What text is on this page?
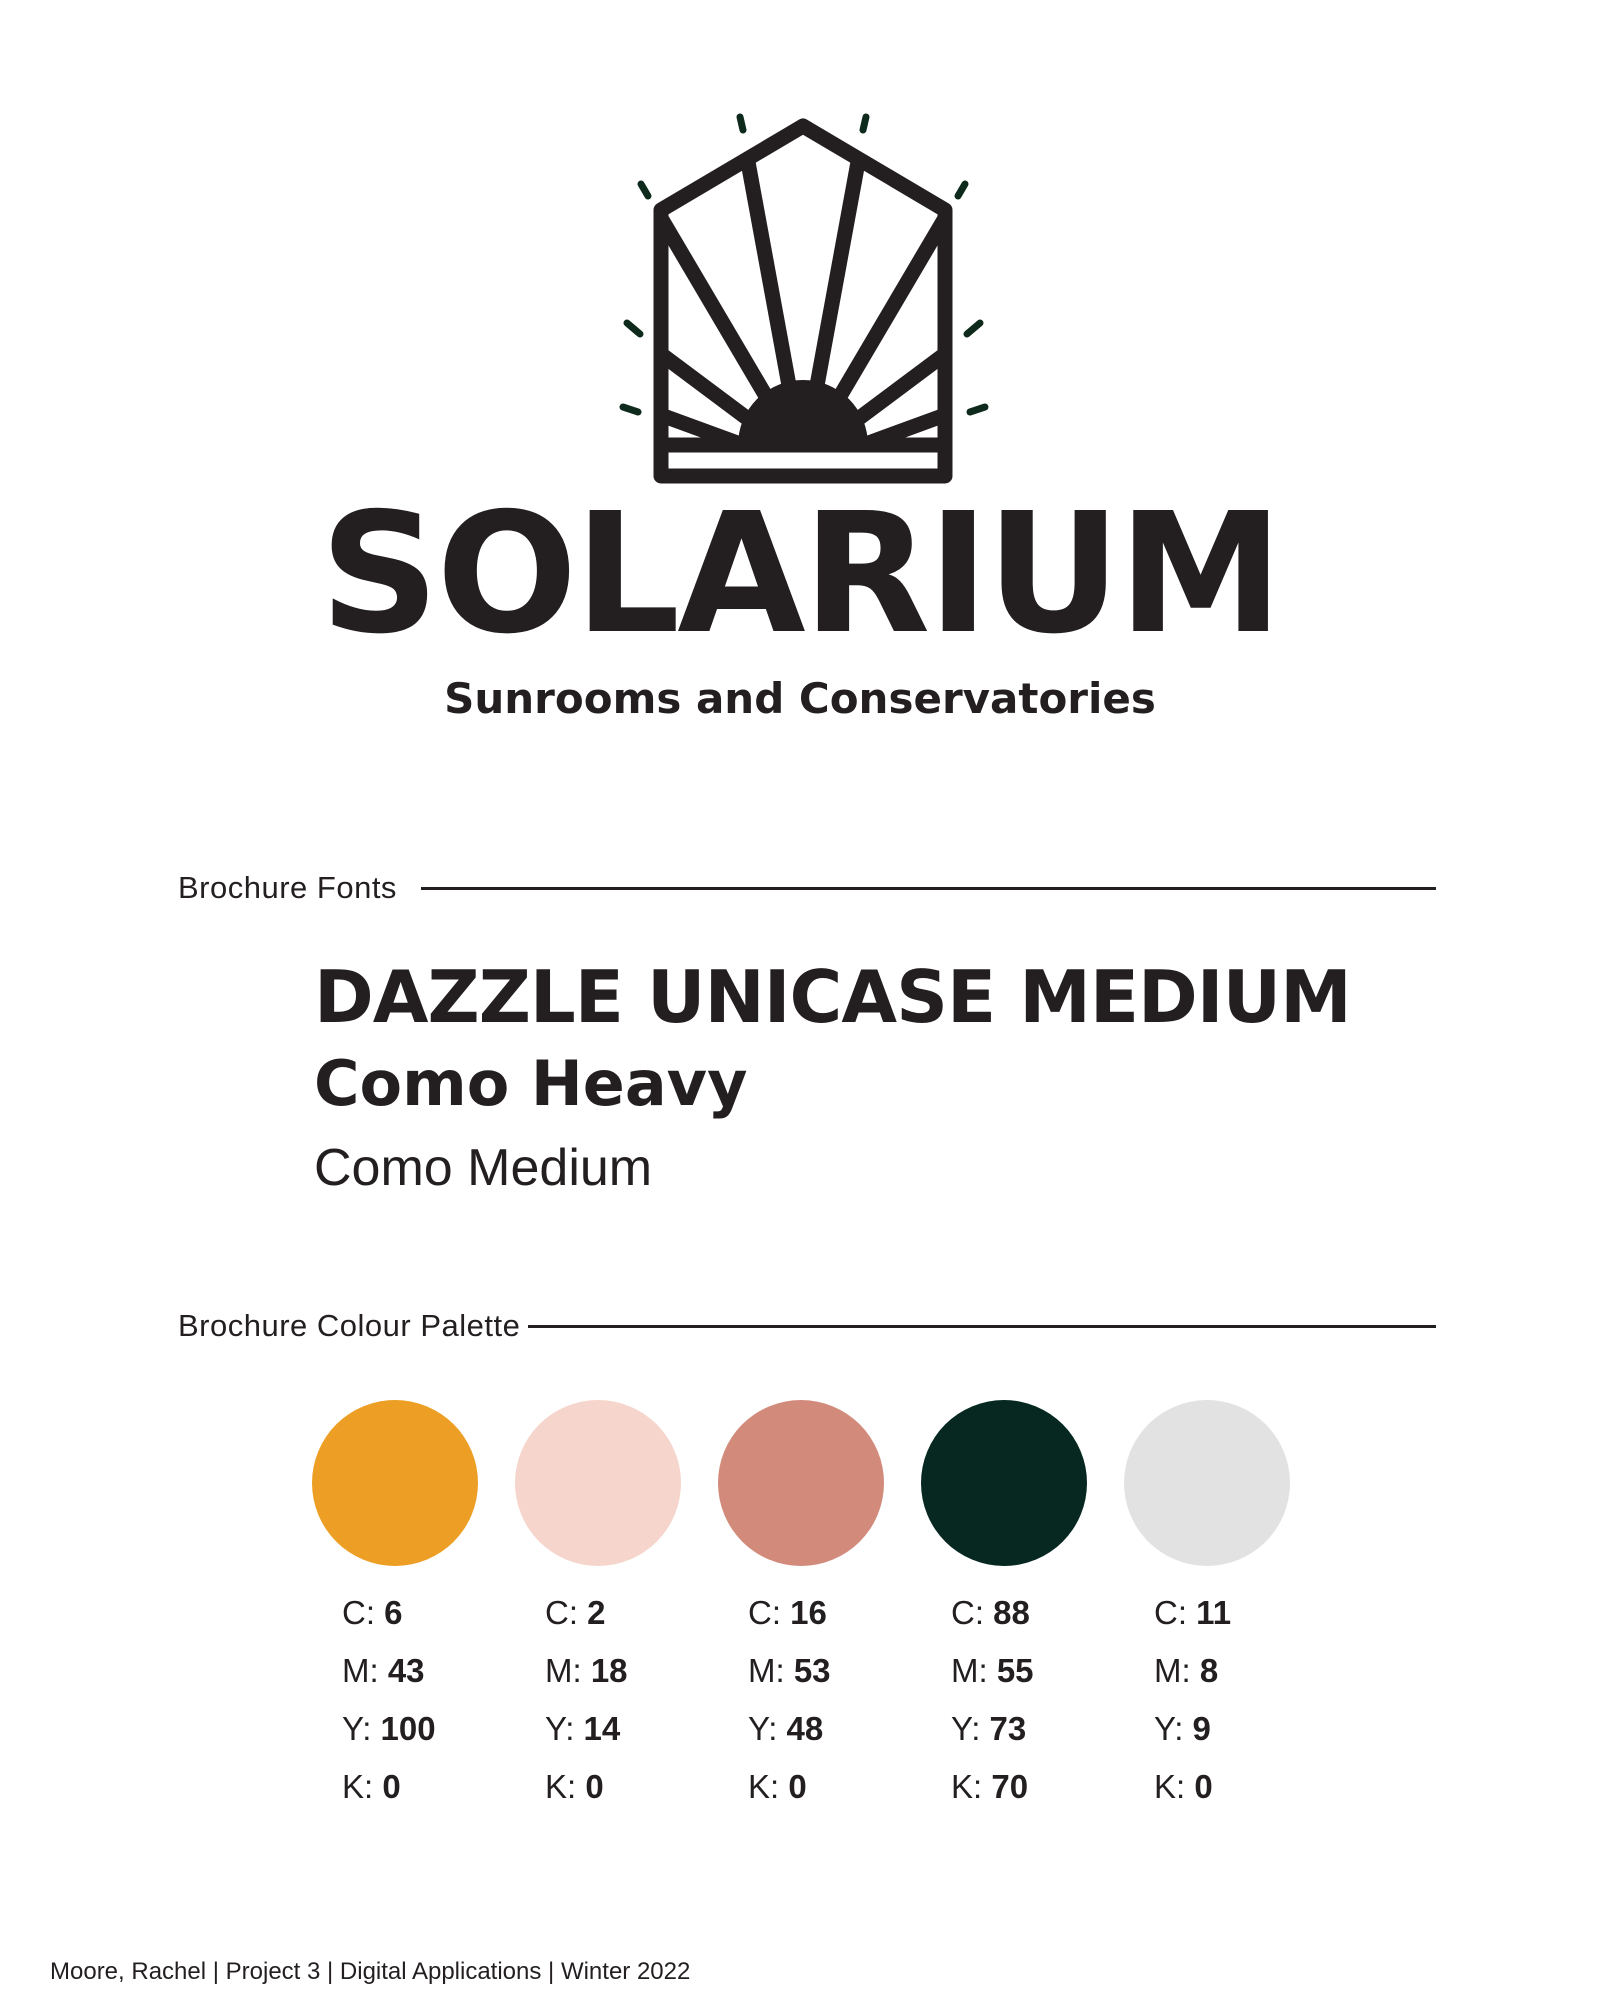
SOLARIUM
Sunrooms and Conservatories
Brochure Fonts
DAZZLE UNICASE MEDIUM
Como Heavy
Como Medium
Brochure Colour Palette
C: 6
M: 43
Y: 100
K: 0
C: 2
M: 18
Y: 14
K: 0
C: 16
M: 53
Y: 48
K: 0
C: 88
M: 55
Y: 73
K: 70
C: 11
M: 8
Y: 9
K: 0
Moore, Rachel | Project 3 | Digital Applications | Winter 2022
